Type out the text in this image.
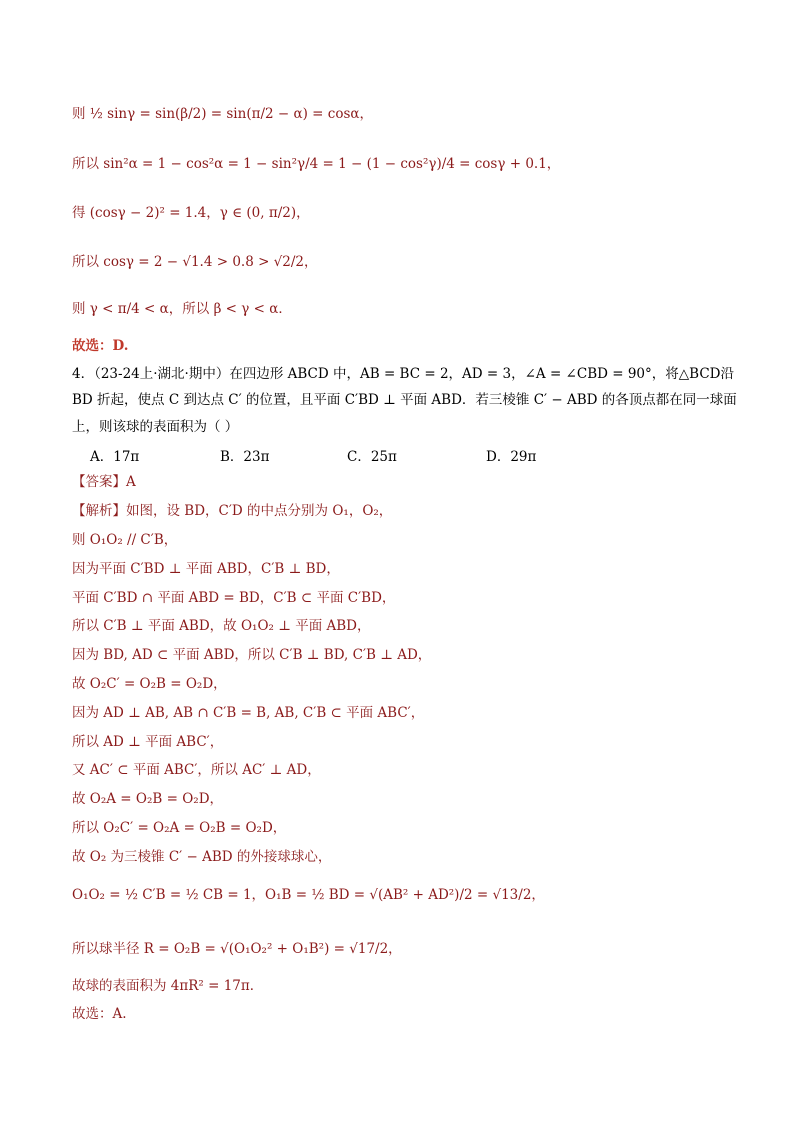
则 ½ sinγ = sin(β/2) = sin(π/2 − α) = cosα，
所以 sin²α = 1 − cos²α = 1 − sin²γ/4 = 1 − (1 − cos²γ)/4 = cosγ + 0.1，
得 (cosγ − 2)² = 1.4，γ ∈ (0, π/2)，
所以 cosγ = 2 − √1.4 > 0.8 > √2/2，
则 γ < π/4 < α，所以 β < γ < α．
故选：D.
4．（23-24上·湖北·期中）在四边形 ABCD 中，AB = BC = 2，AD = 3，∠A = ∠CBD = 90°，将△BCD沿
BD 折起，使点 C 到达点 C′ 的位置，且平面 C′BD ⊥ 平面 ABD．若三棱锥 C′ − ABD 的各顶点都在同一球面
上，则该球的表面积为（ ）
A．17π	B．23π	C．25π	D．29π
【答案】A
【解析】如图，设 BD，C′D 的中点分别为 O₁，O₂，
则 O₁O₂ // C′B，
因为平面 C′BD ⊥ 平面 ABD，C′B ⊥ BD，
平面 C′BD ∩ 平面 ABD = BD，C′B ⊂ 平面 C′BD，
所以 C′B ⊥ 平面 ABD，故 O₁O₂ ⊥ 平面 ABD，
因为 BD, AD ⊂ 平面 ABD，所以 C′B ⊥ BD, C′B ⊥ AD，
故 O₂C′ = O₂B = O₂D，
因为 AD ⊥ AB, AB ∩ C′B = B, AB, C′B ⊂ 平面 ABC′，
所以 AD ⊥ 平面 ABC′，
又 AC′ ⊂ 平面 ABC′，所以 AC′ ⊥ AD，
故 O₂A = O₂B = O₂D，
所以 O₂C′ = O₂A = O₂B = O₂D，
故 O₂ 为三棱锥 C′ − ABD 的外接球球心，
O₁O₂ = ½ C′B = ½ CB = 1，O₁B = ½ BD = √(AB² + AD²)/2 = √13/2，
所以球半径 R = O₂B = √(O₁O₂² + O₁B²) = √17/2，
故球的表面积为 4πR² = 17π．
故选：A.
